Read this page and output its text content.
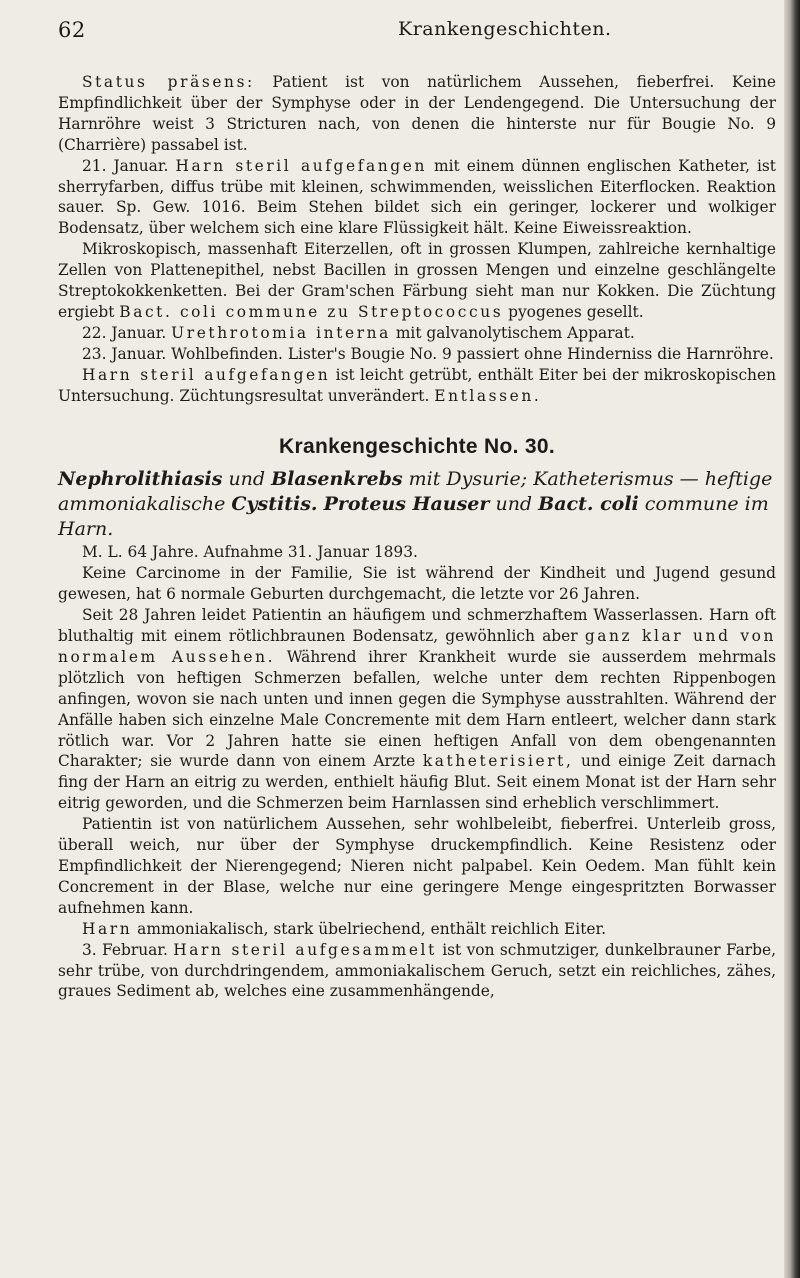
62	Krankengeschichten.

Status präsens: Patient ist von natürlichem Aussehen, fieberfrei. Keine Empfindlichkeit über der Symphyse oder in der Lendengegend. Die Untersuchung der Harnröhre weist 3 Stricturen nach, von denen die hinterste nur für Bougie No. 9 (Charrière) passabel ist.

21. Januar. Harn steril aufgefangen mit einem dünnen englischen Katheter, ist sherryfarben, diffus trübe mit kleinen, schwimmenden, weisslichen Eiterflocken. Reaktion sauer. Sp. Gew. 1016. Beim Stehen bildet sich ein geringer, lockerer und wolkiger Bodensatz, über welchem sich eine klare Flüssigkeit hält. Keine Eiweissreaktion.

Mikroskopisch, massenhaft Eiterzellen, oft in grossen Klumpen, zahlreiche kernhaltige Zellen von Plattenepithel, nebst Bacillen in grossen Mengen und einzelne geschlängelte Streptokokkenketten. Bei der Gram'schen Färbung sieht man nur Kokken. Die Züchtung ergiebt Bact. coli commune zu Streptococcus pyogenes gesellt.

22. Januar. Urethrotomia interna mit galvanolytischem Apparat.

23. Januar. Wohlbefinden. Lister's Bougie No. 9 passiert ohne Hinderniss die Harnröhre.

Harn steril aufgefangen ist leicht getrübt, enthält Eiter bei der mikroskopischen Untersuchung. Züchtungsresultat unverändert. Entlassen.

Krankengeschichte No. 30.

Nephrolithiasis und Blasenkrebs mit Dysurie; Katheterismus — heftige ammoniakalische Cystitis. Proteus Hauser und Bact. coli commune im Harn.

M. L. 64 Jahre. Aufnahme 31. Januar 1893.

Keine Carcinome in der Familie, Sie ist während der Kindheit und Jugend gesund gewesen, hat 6 normale Geburten durchgemacht, die letzte vor 26 Jahren.

Seit 28 Jahren leidet Patientin an häufigem und schmerzhaftem Wasserlassen. Harn oft bluthaltig mit einem rötlichbraunen Bodensatz, gewöhnlich aber ganz klar und von normalem Aussehen. Während ihrer Krankheit wurde sie ausserdem mehrmals plötzlich von heftigen Schmerzen befallen, welche unter dem rechten Rippenbogen anfingen, wovon sie nach unten und innen gegen die Symphyse ausstrahlten. Während der Anfälle haben sich einzelne Male Concremente mit dem Harn entleert, welcher dann stark rötlich war. Vor 2 Jahren hatte sie einen heftigen Anfall von dem obengenannten Charakter; sie wurde dann von einem Arzte katheterisiert, und einige Zeit darnach fing der Harn an eitrig zu werden, enthielt häufig Blut. Seit einem Monat ist der Harn sehr eitrig geworden, und die Schmerzen beim Harnlassen sind erheblich verschlimmert.

Patientin ist von natürlichem Aussehen, sehr wohlbeleibt, fieberfrei. Unterleib gross, überall weich, nur über der Symphyse druckempfindlich. Keine Resistenz oder Empfindlichkeit der Nierengegend; Nieren nicht palpabel. Kein Oedem. Man fühlt kein Concrement in der Blase, welche nur eine geringere Menge eingespritzten Borwasser aufnehmen kann.

Harn ammoniakalisch, stark übelriechend, enthält reichlich Eiter.

3. Februar. Harn steril aufgesammelt ist von schmutziger, dunkelbrauner Farbe, sehr trübe, von durchdringendem, ammoniakalischem Geruch, setzt ein reichliches, zähes, graues Sediment ab, welches eine zusammenhängende,
